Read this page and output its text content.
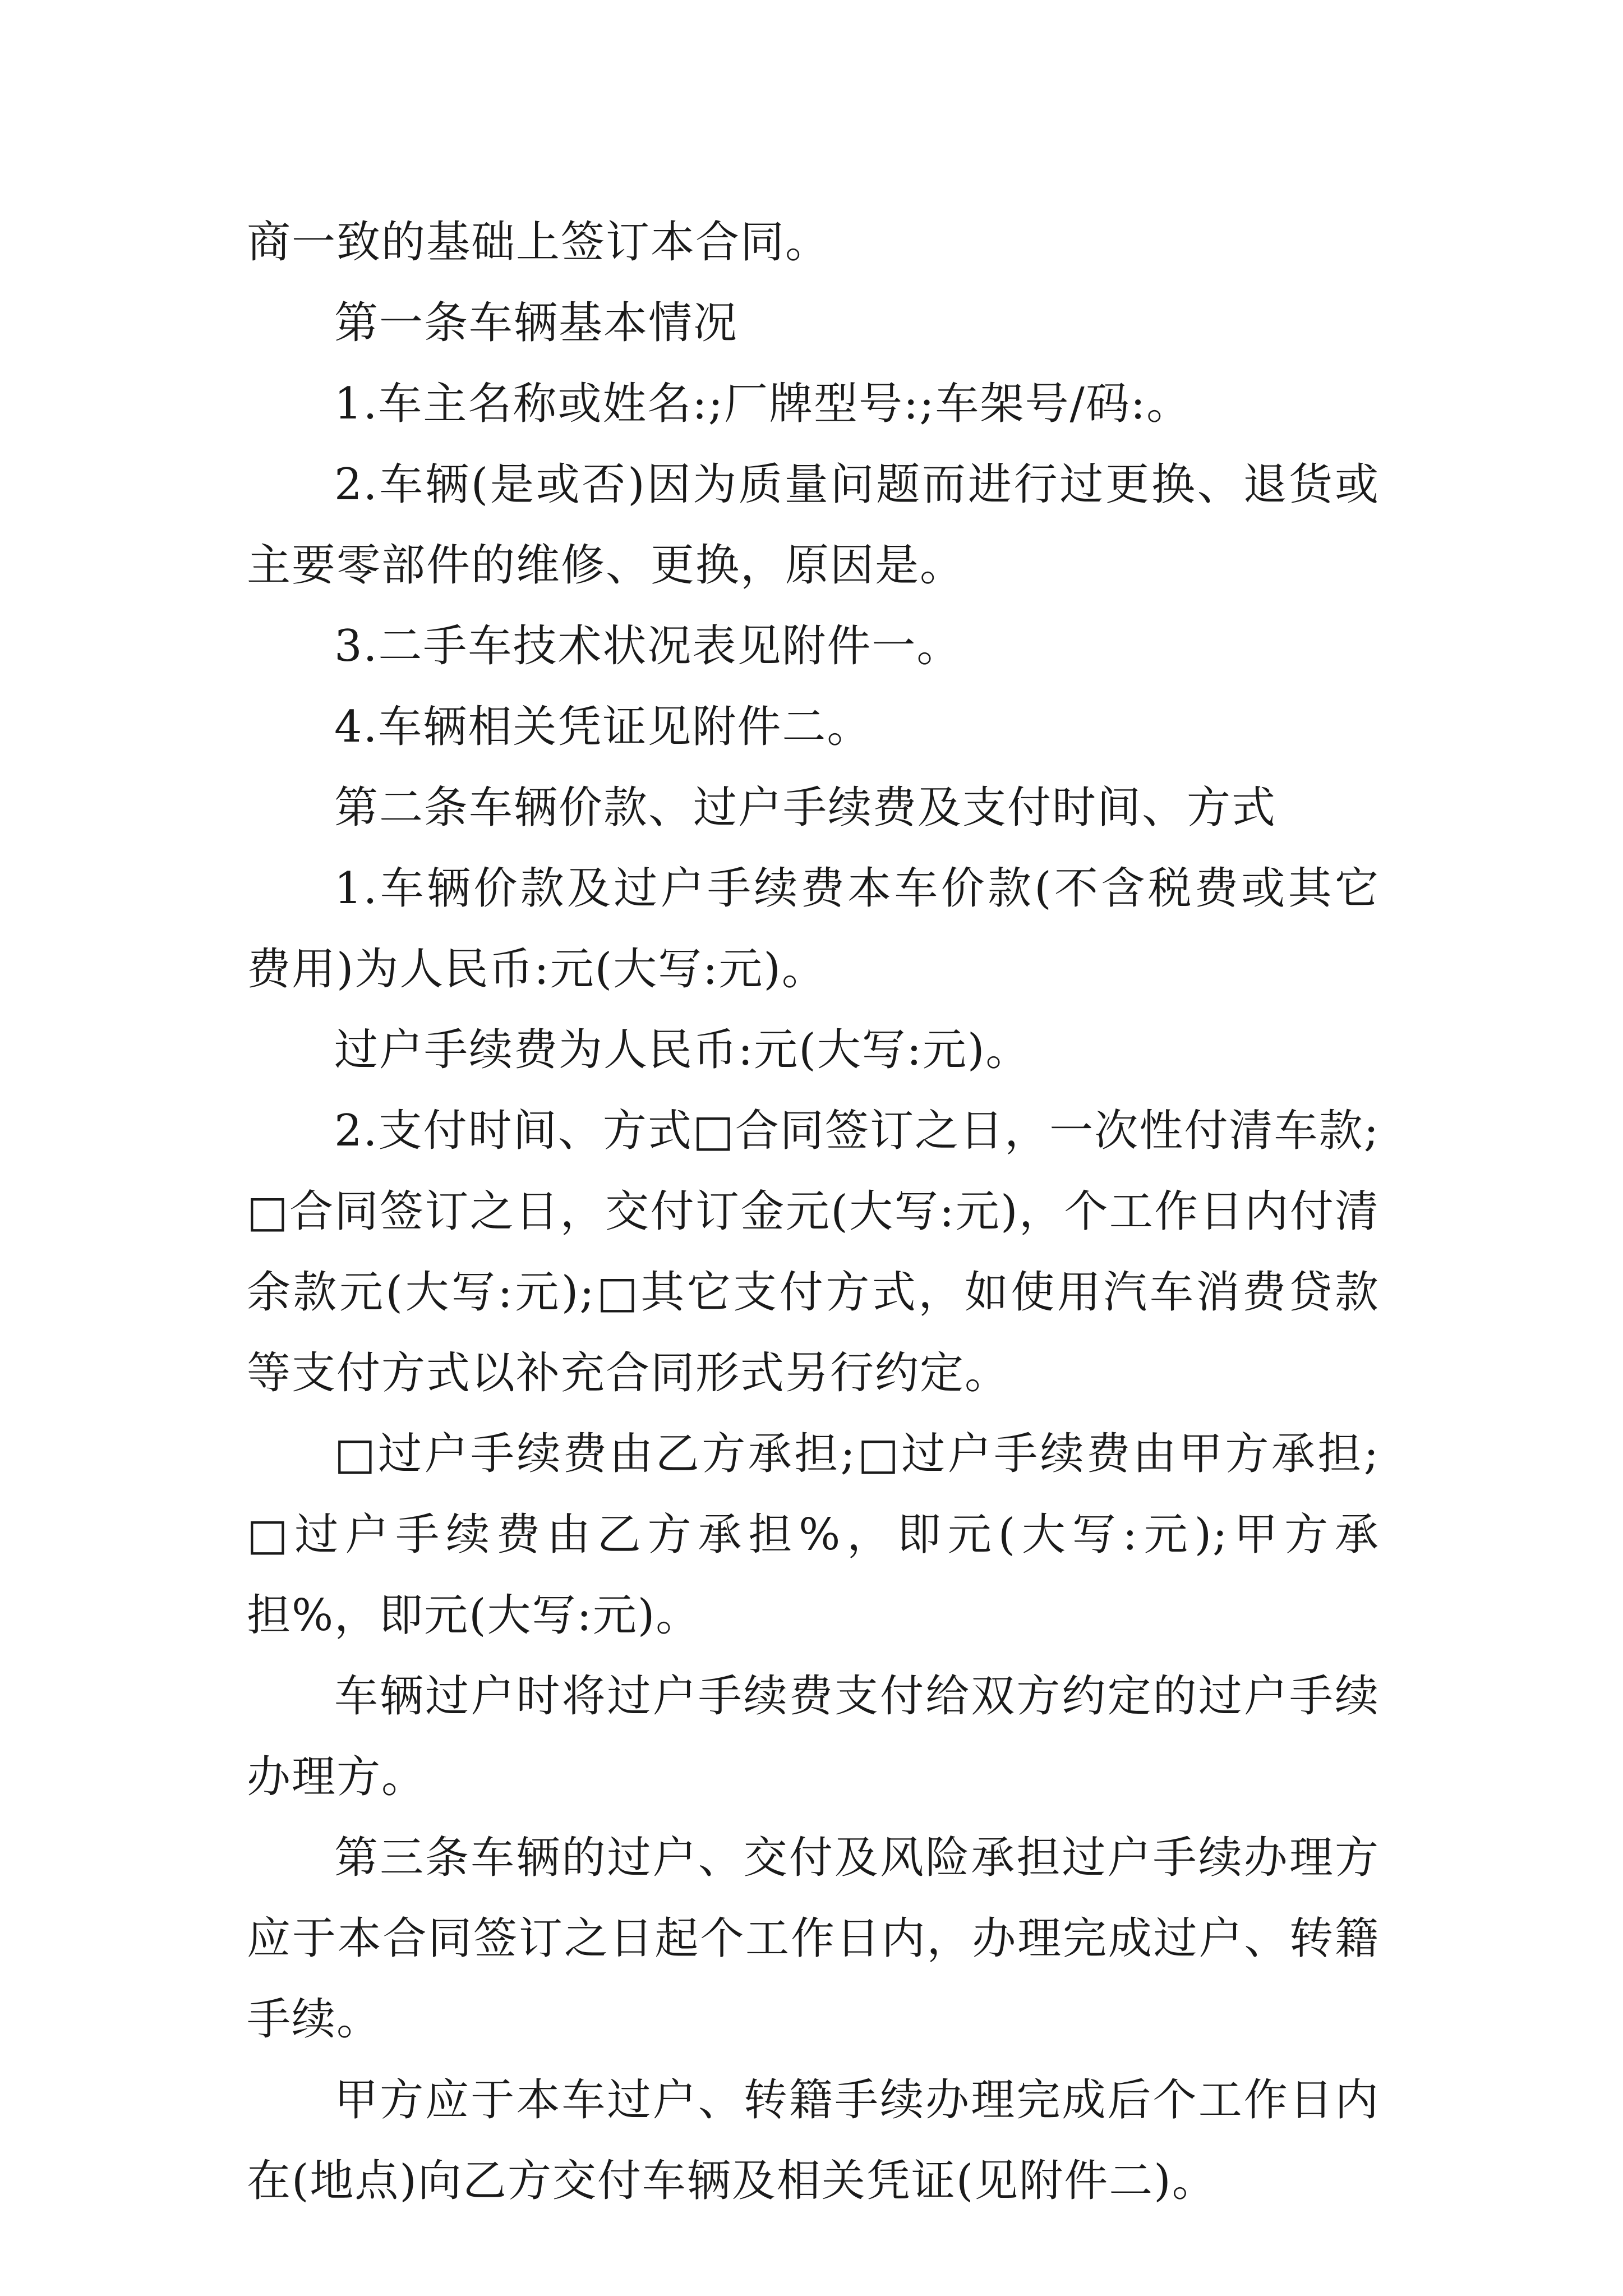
商一致的基础上签订本合同。

第一条车辆基本情况

1.车主名称或姓名:;厂牌型号:;车架号/码:。

2.车辆(是或否)因为质量问题而进行过更换、退货或主要零部件的维修、更换，原因是。

3.二手车技术状况表见附件一。

4.车辆相关凭证见附件二。

第二条车辆价款、过户手续费及支付时间、方式

1.车辆价款及过户手续费本车价款(不含税费或其它费用)为人民币:元(大写:元)。

过户手续费为人民币:元(大写:元)。

2.支付时间、方式□合同签订之日，一次性付清车款;□合同签订之日，交付订金元(大写:元)，个工作日内付清余款元(大写:元);□其它支付方式，如使用汽车消费贷款等支付方式以补充合同形式另行约定。

□过户手续费由乙方承担;□过户手续费由甲方承担;□过户手续费由乙方承担%，即元(大写:元);甲方承担%，即元(大写:元)。

车辆过户时将过户手续费支付给双方约定的过户手续办理方。

第三条车辆的过户、交付及风险承担过户手续办理方应于本合同签订之日起个工作日内，办理完成过户、转籍手续。

甲方应于本车过户、转籍手续办理完成后个工作日内在(地点)向乙方交付车辆及相关凭证(见附件二)。
